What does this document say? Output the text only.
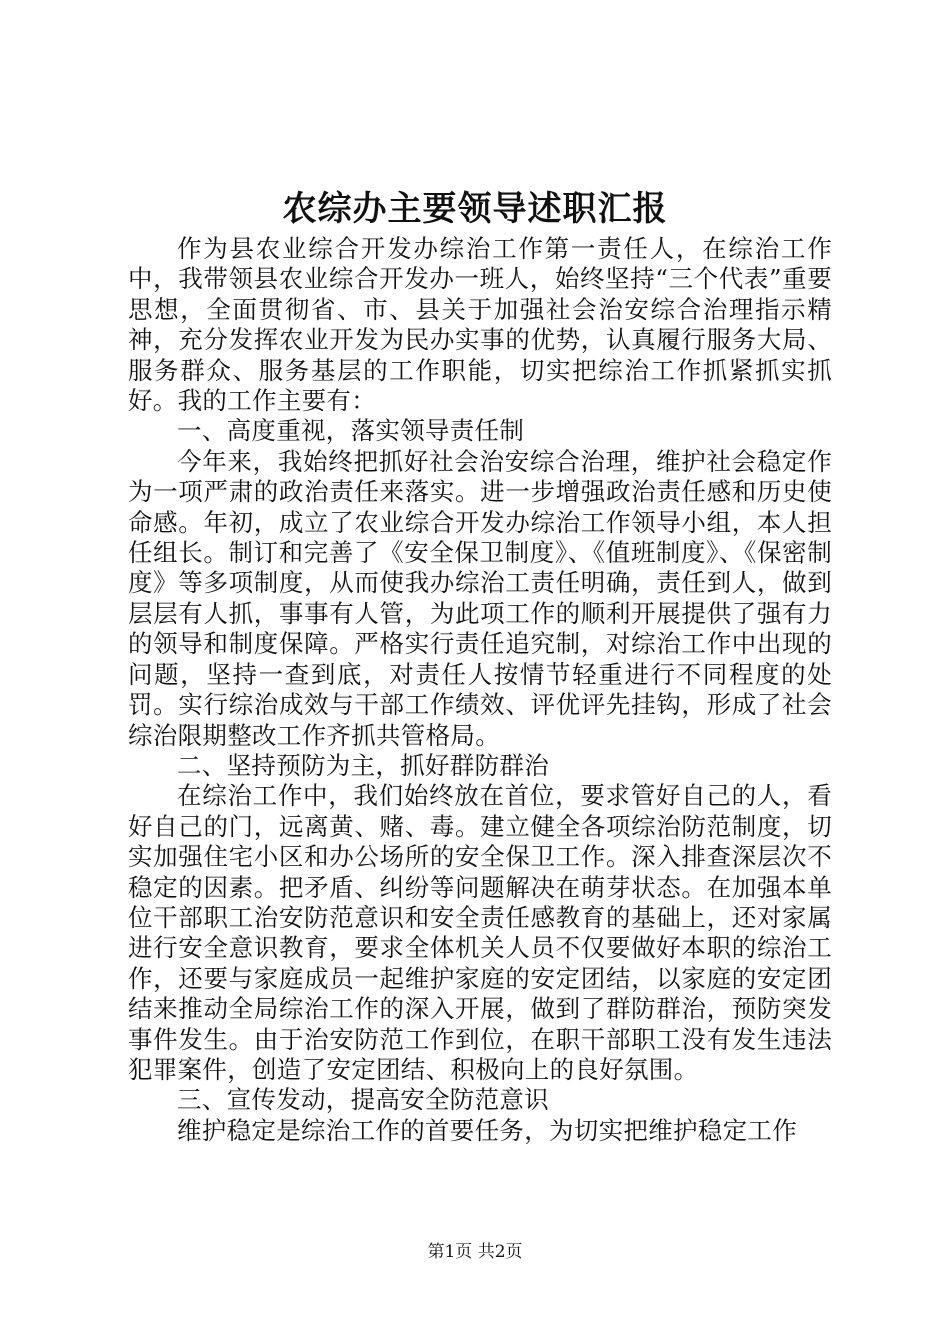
农综办主要领导述职汇报

作为县农业综合开发办综治工作第一责任人，在综治工作中，我带领县农业综合开发办一班人，始终坚持“三个代表”重要思想，全面贯彻省、市、县关于加强社会治安综合治理指示精神，充分发挥农业开发为民办实事的优势，认真履行服务大局、服务群众、服务基层的工作职能，切实把综治工作抓紧抓实抓好。我的工作主要有：

一、高度重视，落实领导责任制

今年来，我始终把抓好社会治安综合治理，维护社会稳定作为一项严肃的政治责任来落实。进一步增强政治责任感和历史使命感。年初，成立了农业综合开发办综治工作领导小组，本人担任组长。制订和完善了《安全保卫制度》、《值班制度》、《保密制度》等多项制度，从而使我办综治工责任明确，责任到人，做到层层有人抓，事事有人管，为此项工作的顺利开展提供了强有力的领导和制度保障。严格实行责任追究制，对综治工作中出现的问题，坚持一查到底，对责任人按情节轻重进行不同程度的处罚。实行综治成效与干部工作绩效、评优评先挂钩，形成了社会综治限期整改工作齐抓共管格局。

二、坚持预防为主，抓好群防群治

在综治工作中，我们始终放在首位，要求管好自己的人，看好自己的门，远离黄、赌、毒。建立健全各项综治防范制度，切实加强住宅小区和办公场所的安全保卫工作。深入排查深层次不稳定的因素。把矛盾、纠纷等问题解决在萌芽状态。在加强本单位干部职工治安防范意识和安全责任感教育的基础上，还对家属进行安全意识教育，要求全体机关人员不仅要做好本职的综治工作，还要与家庭成员一起维护家庭的安定团结，以家庭的安定团结来推动全局综治工作的深入开展，做到了群防群治，预防突发事件发生。由于治安防范工作到位，在职干部职工没有发生违法犯罪案件，创造了安定团结、积极向上的良好氛围。

三、宣传发动，提高安全防范意识

维护稳定是综治工作的首要任务，为切实把维护稳定工作

第1页 共2页
